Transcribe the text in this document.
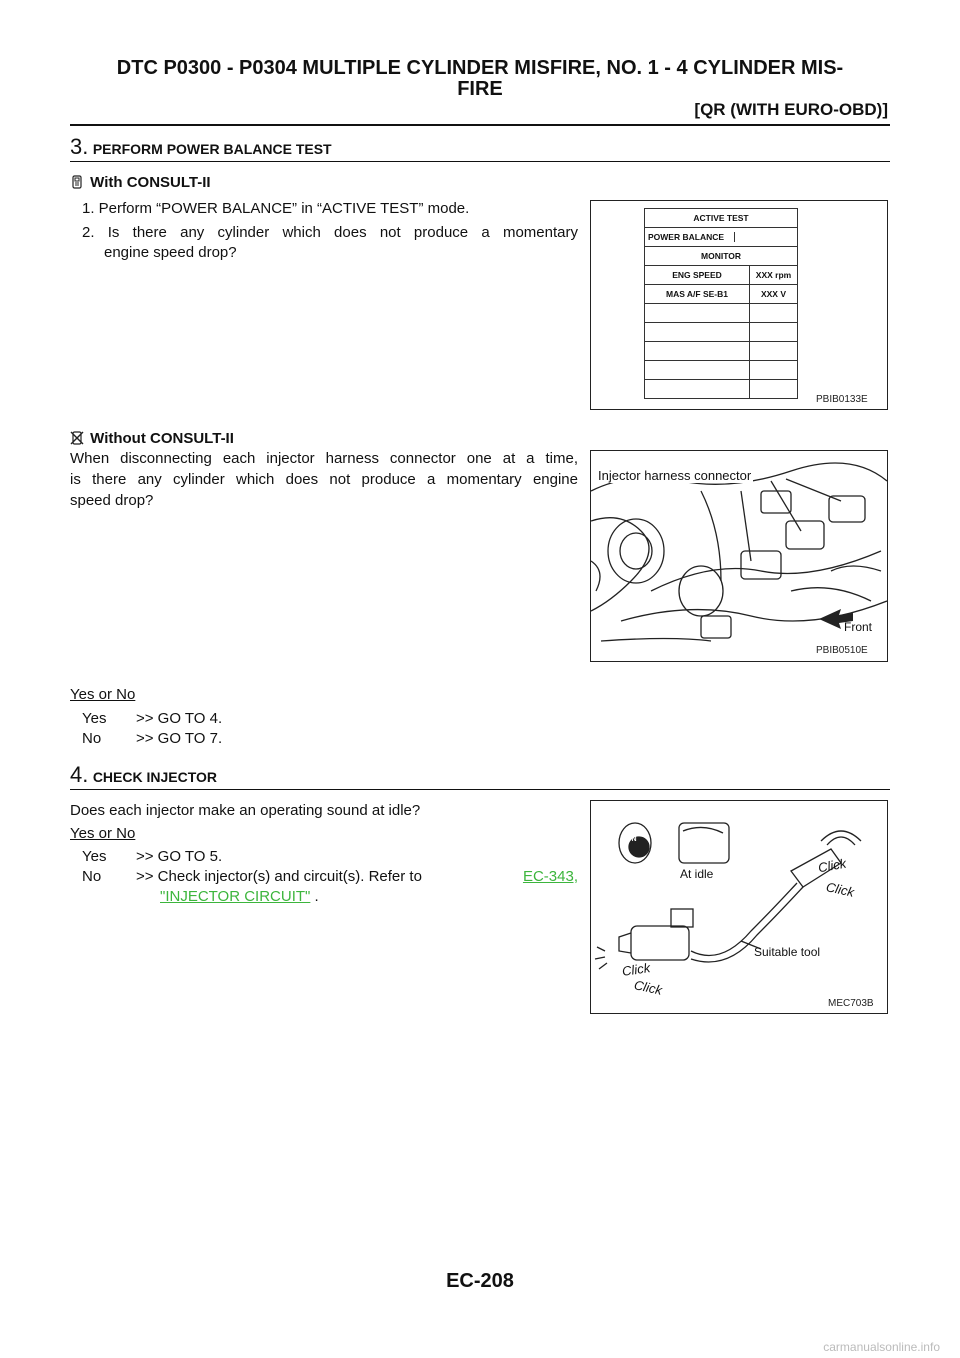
DTC P0300 - P0304 MULTIPLE CYLINDER MISFIRE, NO. 1 - 4 CYLINDER MIS-
FIRE
[QR (WITH EURO-OBD)]
3. PERFORM POWER BALANCE TEST
With CONSULT-II
1. Perform “POWER BALANCE” in “ACTIVE TEST” mode.
2. Is there any cylinder which does not produce a momentary
engine speed drop?
ACTIVE TEST	
POWER BALANCE	
MONITOR	
ENG SPEED	XXX rpm
MAS A/F SE-B1	XXX V

PBIB0133E
Without CONSULT-II
When disconnecting each injector harness connector one at a time,
is there any cylinder which does not produce a momentary engine
speed drop?
Injector harness connector
Front
PBIB0510E
Yes or No
Yes >> GO TO 4.
No >> GO TO 7.
4. CHECK INJECTOR
Does each injector make an operating sound at idle?
Yes or No
Yes >> GO TO 5.
No >> Check injector(s) and circuit(s). Refer to	EC-343,
"INJECTOR CIRCUIT" .
ON
At idle	Click
Click
Suitable tool
Click
Click
MEC703B
EC-208
carmanualsonline.info
